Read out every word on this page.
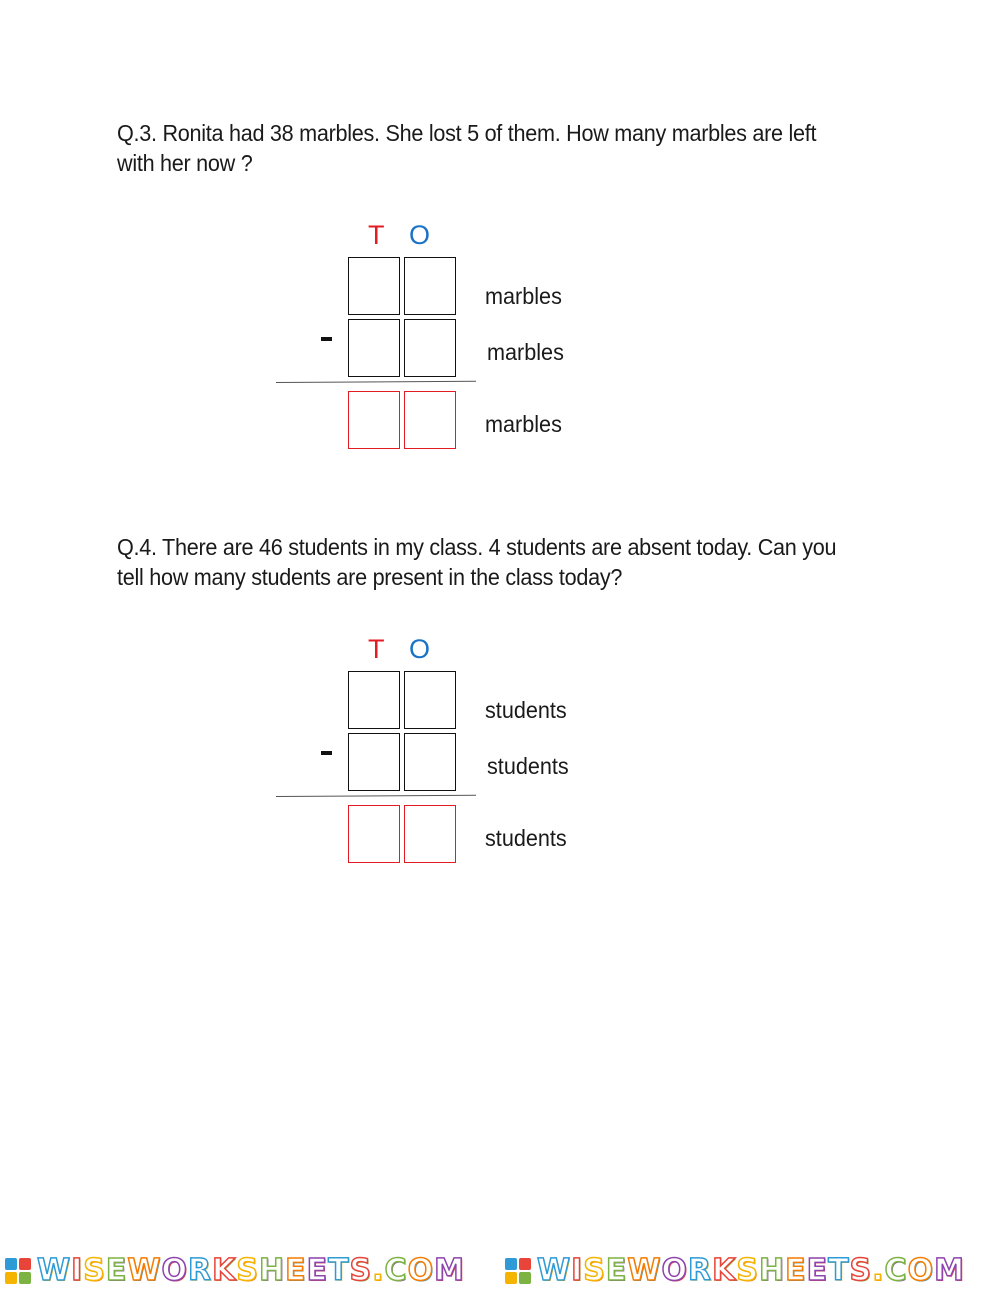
Q.3. Ronita had 38 marbles. She lost 5 of them. How many marbles are left with her now ?
T O
marbles
marbles
marbles
Q.4. There are 46 students in my class. 4 students are absent today. Can you tell how many students are present in the class today?
T O
students
students
students
W I S E W O R K S H E E T S . C O M W I S E W O R K S H E E T S . C O M
